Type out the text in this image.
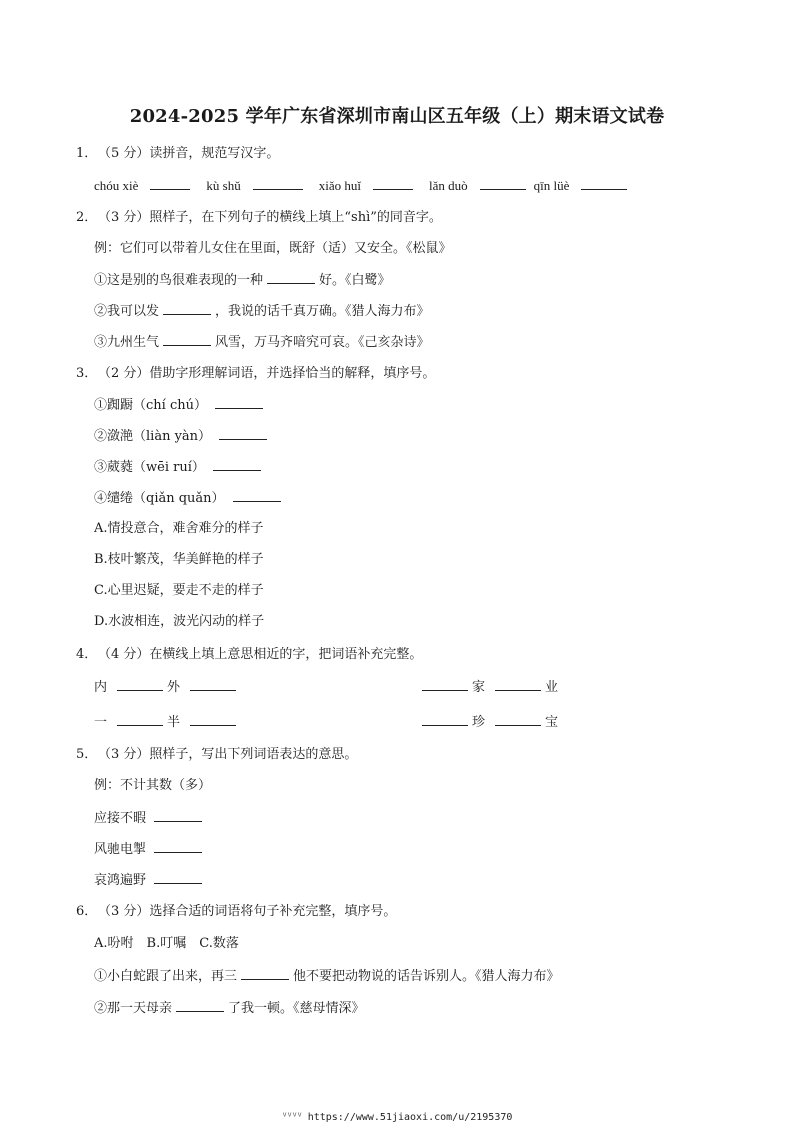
2024-2025 学年广东省深圳市南山区五年级（上）期末语文试卷
1．（5 分）读拼音，规范写汉字。
chóu xiè	kù shǔ	xiǎo huǐ	lǎn duò	qīn lüè
2．（3 分）照样子，在下列句子的横线上填上“shì”的同音字。
例：它们可以带着儿女住在里面，既舒（适）又安全。《松鼠》
①这是别的鸟很难表现的一种	好。《白鹭》
②我可以发	，我说的话千真万确。《猎人海力布》
③九州生气	风雪，万马齐喑究可哀。《己亥杂诗》
3．（2 分）借助字形理解词语，并选择恰当的解释，填序号。
①踟蹰（chí chú）
②潋滟（liàn yàn）
③葳蕤（wēi ruí）
④缱绻（qiǎn quǎn）
A.情投意合，难舍难分的样子
B.枝叶繁茂，华美鲜艳的样子
C.心里迟疑，要走不走的样子
D.水波相连，波光闪动的样子
4．（4 分）在横线上填上意思相近的字，把词语补充完整。
内	外	家	业
一	半	珍	宝
5．（3 分）照样子，写出下列词语表达的意思。
例：不计其数（多）
应接不暇
风驰电掣
哀鸿遍野
6．（3 分）选择合适的词语将句子补充完整，填序号。
A.吩咐　B.叮嘱　C.数落
①小白蛇跟了出来，再三	他不要把动物说的话告诉别人。《猎人海力布》
②那一天母亲	了我一顿。《慈母情深》
ⱽⱽⱽⱽ https://www.51jiaoxi.com/u/2195370
